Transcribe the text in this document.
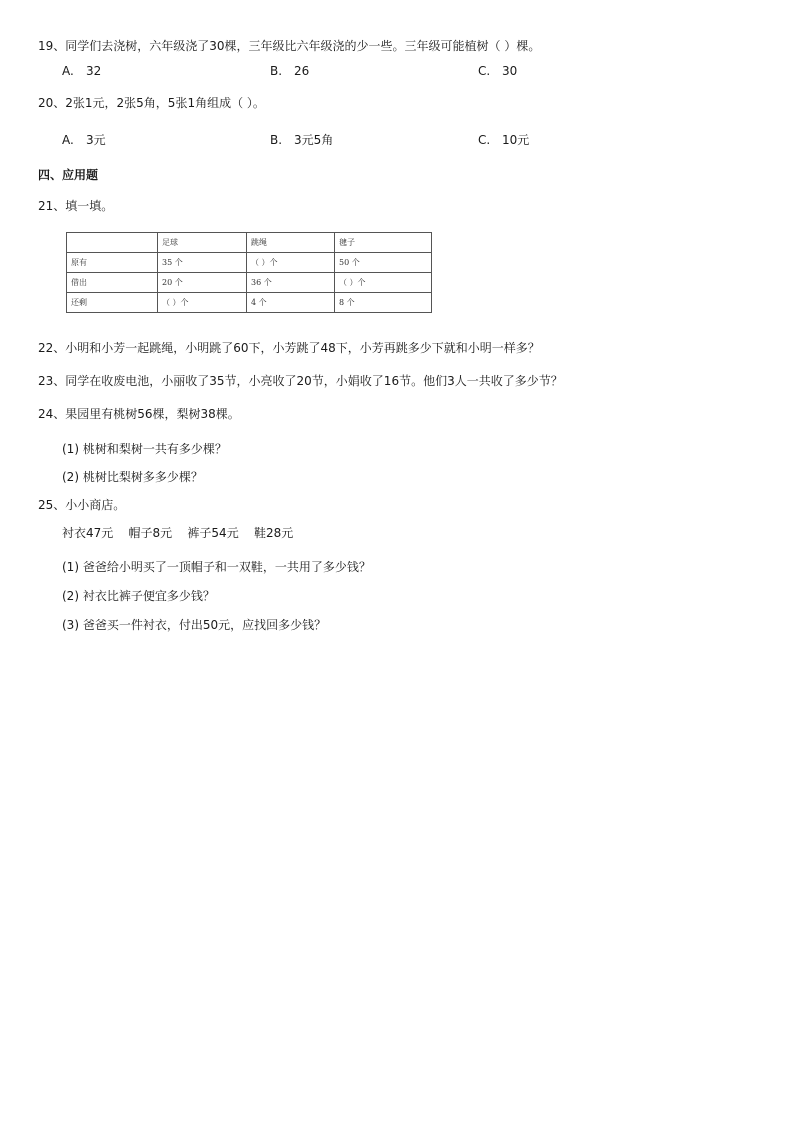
19、同学们去浇树，六年级浇了30棵，三年级比六年级浇的少一些。三年级可能植树（ ）棵。
A. 32	B. 26	C. 30
20、2张1元，2张5角，5张1角组成（ ）。
A. 3元	B. 3元5角	C. 10元
四、应用题
21、填一填。
	足球	跳绳	毽子
原有	35 个	（ ）个	50 个
借出	20 个	36 个	（ ）个
还剩	（ ）个	4 个	8 个
22、小明和小芳一起跳绳，小明跳了60下，小芳跳了48下，小芳再跳多少下就和小明一样多？
23、同学在收废电池，小丽收了35节，小亮收了20节，小娟收了16节。他们3人一共收了多少节？
24、果园里有桃树56棵，梨树38棵。
(1) 桃树和梨树一共有多少棵？
(2) 桃树比梨树多多少棵？
25、小小商店。
衬衣47元    帽子8元    裤子54元    鞋28元
(1) 爸爸给小明买了一顶帽子和一双鞋，一共用了多少钱？
(2) 衬衣比裤子便宜多少钱？
(3) 爸爸买一件衬衣，付出50元，应找回多少钱？
